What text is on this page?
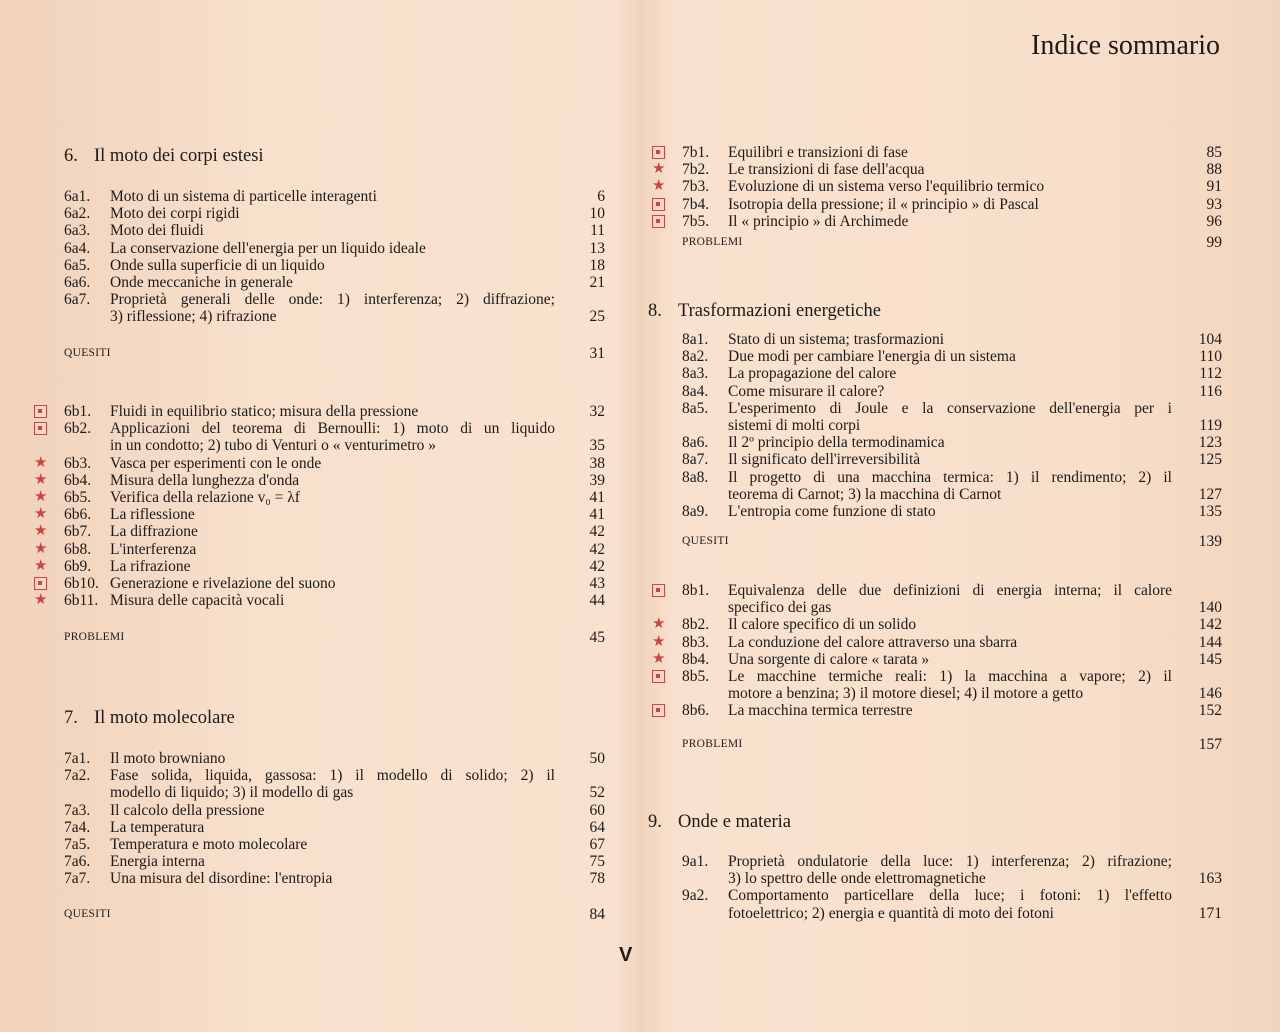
Indice sommario
6. Il moto dei corpi estesi
6a1.	Moto di un sistema di particelle interagenti	6
6a2.	Moto dei corpi rigidi	10
6a3.	Moto dei fluidi	11
6a4.	La conservazione dell'energia per un liquido ideale	13
6a5.	Onde sulla superficie di un liquido	18
6a6.	Onde meccaniche in generale	21
6a7.	Proprietà generali delle onde: 1) interferenza; 2) diffrazione;
3) riflessione; 4) rifrazione	25
QUESITI	31
6b1.	Fluidi in equilibrio statico; misura della pressione	32
6b2.	Applicazioni del teorema di Bernoulli: 1) moto di un liquido
in un condotto; 2) tubo di Venturi o « venturimetro »	35
★ 6b3.	Vasca per esperimenti con le onde	38
★ 6b4.	Misura della lunghezza d'onda	39
★ 6b5.	Verifica della relazione v₀ = λf	41
★ 6b6.	La riflessione	41
★ 6b7.	La diffrazione	42
★ 6b8.	L'interferenza	42
★ 6b9.	La rifrazione	42
6b10. Generazione e rivelazione del suono	43
★ 6b11. Misura delle capacità vocali	44
PROBLEMI	45
7. Il moto molecolare
7a1.	Il moto browniano	50
7a2.	Fase solida, liquida, gassosa: 1) il modello di solido; 2) il
modello di liquido; 3) il modello di gas	52
7a3.	Il calcolo della pressione	60
7a4.	La temperatura	64
7a5.	Temperatura e moto molecolare	67
7a6.	Energia interna	75
7a7.	Una misura del disordine: l'entropia	78
QUESITI	84
7b1.	Equilibri e transizioni di fase	85
★ 7b2.	Le transizioni di fase dell'acqua	88
★ 7b3.	Evoluzione di un sistema verso l'equilibrio termico	91
7b4.	Isotropia della pressione; il « principio » di Pascal	93
7b5.	Il « principio » di Archimede	96
PROBLEMI	99
8. Trasformazioni energetiche
8a1.	Stato di un sistema; trasformazioni	104
8a2.	Due modi per cambiare l'energia di un sistema	110
8a3.	La propagazione del calore	112
8a4.	Come misurare il calore?	116
8a5.	L'esperimento di Joule e la conservazione dell'energia per i
sistemi di molti corpi	119
8a6.	Il 2º principio della termodinamica	123
8a7.	Il significato dell'irreversibilità	125
8a8.	Il progetto di una macchina termica: 1) il rendimento; 2) il
teorema di Carnot; 3) la macchina di Carnot	127
8a9.	L'entropia come funzione di stato	135
QUESITI	139
8b1.	Equivalenza delle due definizioni di energia interna; il calore
specifico dei gas	140
★ 8b2.	Il calore specifico di un solido	142
★ 8b3.	La conduzione del calore attraverso una sbarra	144
★ 8b4.	Una sorgente di calore « tarata »	145
8b5.	Le macchine termiche reali: 1) la macchina a vapore; 2) il
motore a benzina; 3) il motore diesel; 4) il motore a getto	146
8b6.	La macchina termica terrestre	152
PROBLEMI	157
9. Onde e materia
9a1.	Proprietà ondulatorie della luce: 1) interferenza; 2) rifrazione;
3) lo spettro delle onde elettromagnetiche	163
9a2.	Comportamento particellare della luce; i fotoni: 1) l'effetto
fotoelettrico; 2) energia e quantità di moto dei fotoni	171
V
